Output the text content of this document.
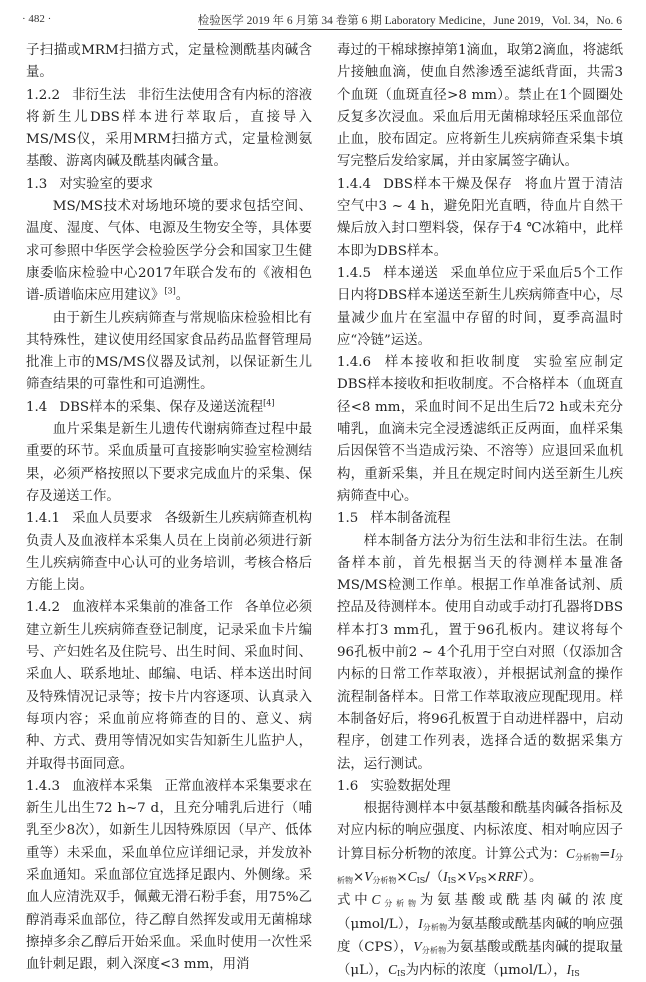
· 482 ·	检验医学 2019 年 6 月第 34 卷第 6 期 Laboratory Medicine，June 2019，Vol. 34，No. 6

子扫描或MRM扫描方式，定量检测酰基肉碱含量。

1.2.2 非衍生法 非衍生法使用含有内标的溶液将新生儿DBS样本进行萃取后，直接导入MS/MS仪，采用MRM扫描方式，定量检测氨基酸、游离肉碱及酰基肉碱含量。

1.3 对实验室的要求

MS/MS技术对场地环境的要求包括空间、温度、湿度、气体、电源及生物安全等，具体要求可参照中华医学会检验医学分会和国家卫生健康委临床检验中心2017年联合发布的《液相色谱-质谱临床应用建议》[3]。

由于新生儿疾病筛查与常规临床检验相比有其特殊性，建议使用经国家食品药品监督管理局批准上市的MS/MS仪器及试剂，以保证新生儿筛查结果的可靠性和可追溯性。

1.4 DBS样本的采集、保存及递送流程[4]

血片采集是新生儿遗传代谢病筛查过程中最重要的环节。采血质量可直接影响实验室检测结果，必须严格按照以下要求完成血片的采集、保存及递送工作。

1.4.1 采血人员要求 各级新生儿疾病筛查机构负责人及血液样本采集人员在上岗前必须进行新生儿疾病筛查中心认可的业务培训，考核合格后方能上岗。

1.4.2 血液样本采集前的准备工作 各单位必须建立新生儿疾病筛查登记制度，记录采血卡片编号、产妇姓名及住院号、出生时间、采血时间、采血人、联系地址、邮编、电话、样本送出时间及特殊情况记录等；按卡片内容逐项、认真录入每项内容；采血前应将筛查的目的、意义、病种、方式、费用等情况如实告知新生儿监护人，并取得书面同意。

1.4.3 血液样本采集 正常血液样本采集要求在新生儿出生72 h~7 d，且充分哺乳后进行（哺乳至少8次），如新生儿因特殊原因（早产、低体重等）未采血，采血单位应详细记录，并发放补采血通知。采血部位宜选择足跟内、外侧缘。采血人应清洗双手，佩戴无滑石粉手套，用75%乙醇消毒采血部位，待乙醇自然挥发或用无菌棉球擦掉多余乙醇后开始采血。采血时使用一次性采血针刺足跟，刺入深度<3 mm，用消

毒过的干棉球擦掉第1滴血，取第2滴血，将滤纸片接触血滴，使血自然渗透至滤纸背面，共需3个血斑（血斑直径>8 mm）。禁止在1个圆圈处反复多次浸血。采血后用无菌棉球轻压采血部位止血，胶布固定。应将新生儿疾病筛查采集卡填写完整后发给家属，并由家属签字确认。

1.4.4 DBS样本干燥及保存 将血片置于清洁空气中3 ~ 4 h，避免阳光直晒，待血片自然干燥后放入封口塑料袋，保存于4 ℃冰箱中，此样本即为DBS样本。

1.4.5 样本递送 采血单位应于采血后5个工作日内将DBS样本递送至新生儿疾病筛查中心，尽量减少血片在室温中存留的时间，夏季高温时应“冷链”运送。

1.4.6 样本接收和拒收制度 实验室应制定DBS样本接收和拒收制度。不合格样本（血斑直径<8 mm，采血时间不足出生后72 h或未充分哺乳，血滴未完全浸透滤纸正反两面，血样采集后因保管不当造成污染、不溶等）应退回采血机构，重新采集，并且在规定时间内送至新生儿疾病筛查中心。

1.5 样本制备流程

样本制备方法分为衍生法和非衍生法。在制备样本前，首先根据当天的待测样本量准备MS/MS检测工作单。根据工作单准备试剂、质控品及待测样本。使用自动或手动打孔器将DBS样本打3 mm孔，置于96孔板内。建议将每个96孔板中前2 ~ 4个孔用于空白对照（仅添加含内标的日常工作萃取液），并根据试剂盒的操作流程制备样本。日常工作萃取液应现配现用。样本制备好后，将96孔板置于自动进样器中，启动程序，创建工作列表，选择合适的数据采集方法，运行测试。

1.6 实验数据处理

根据待测样本中氨基酸和酰基肉碱各指标及对应内标的响应强度、内标浓度、相对响应因子计算目标分析物的浓度。计算公式为：$C_{分析物}=I_{分析物}\times V_{分析物}\times C_{IS}/(I_{IS}\times V_{PS}\times RRF)$。

式中$C_{分析物}$为氨基酸或酰基肉碱的浓度（μmol/L），$I_{分析物}$为氨基酸或酰基肉碱的响应强度（CPS），$V_{分析物}$为氨基酸或酰基肉碱的提取量（μL），$C_{IS}$为内标的浓度（μmol/L），$I_{IS}$
